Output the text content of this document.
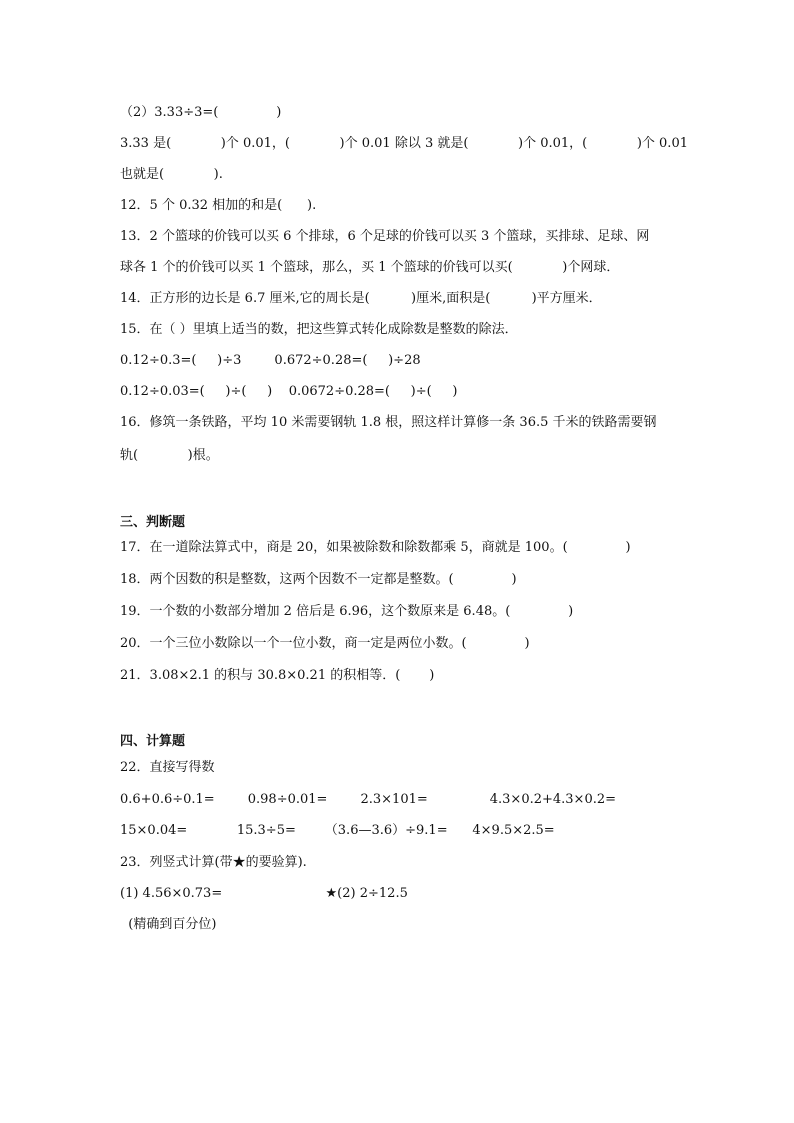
（2）3.33÷3=(              )
3.33 是(            )个 0.01，(            )个 0.01 除以 3 就是(            )个 0.01，(            )个 0.01
也就是(            ).
12．5 个 0.32 相加的和是(      ).
13．2 个篮球的价钱可以买 6 个排球，6 个足球的价钱可以买 3 个篮球，买排球、足球、网
球各 1 个的价钱可以买 1 个篮球，那么，买 1 个篮球的价钱可以买(            )个网球．
14．正方形的边长是 6.7 厘米,它的周长是(          )厘米,面积是(          )平方厘米．
15．在（ ）里填上适当的数，把这些算式转化成除数是整数的除法．
0.12÷0.3=(     )÷3        0.672÷0.28=(     )÷28
0.12÷0.03=(     )÷(     )    0.0672÷0.28=(     )÷(     )
16．修筑一条铁路，平均 10 米需要钢轨 1.8 根，照这样计算修一条 36.5 千米的铁路需要钢
轨(            )根。
三、判断题
17．在一道除法算式中，商是 20，如果被除数和除数都乘 5，商就是 100。(              )
18．两个因数的积是整数，这两个因数不一定都是整数。(              )
19．一个数的小数部分增加 2 倍后是 6.96，这个数原来是 6.48。(              )
20．一个三位小数除以一个一位小数，商一定是两位小数。(              )
21．3.08×2.1 的积与 30.8×0.21 的积相等．(       )
四、计算题
22．直接写得数
0.6+0.6÷0.1=        0.98÷0.01=        2.3×101=               4.3×0.2+4.3×0.2=
15×0.04=            15.3÷5=       （3.6—3.6）÷9.1=      4×9.5×2.5=
23．列竖式计算(带★的要验算).
(1) 4.56×0.73=                         ★(2) 2÷12.5
(精确到百分位)
